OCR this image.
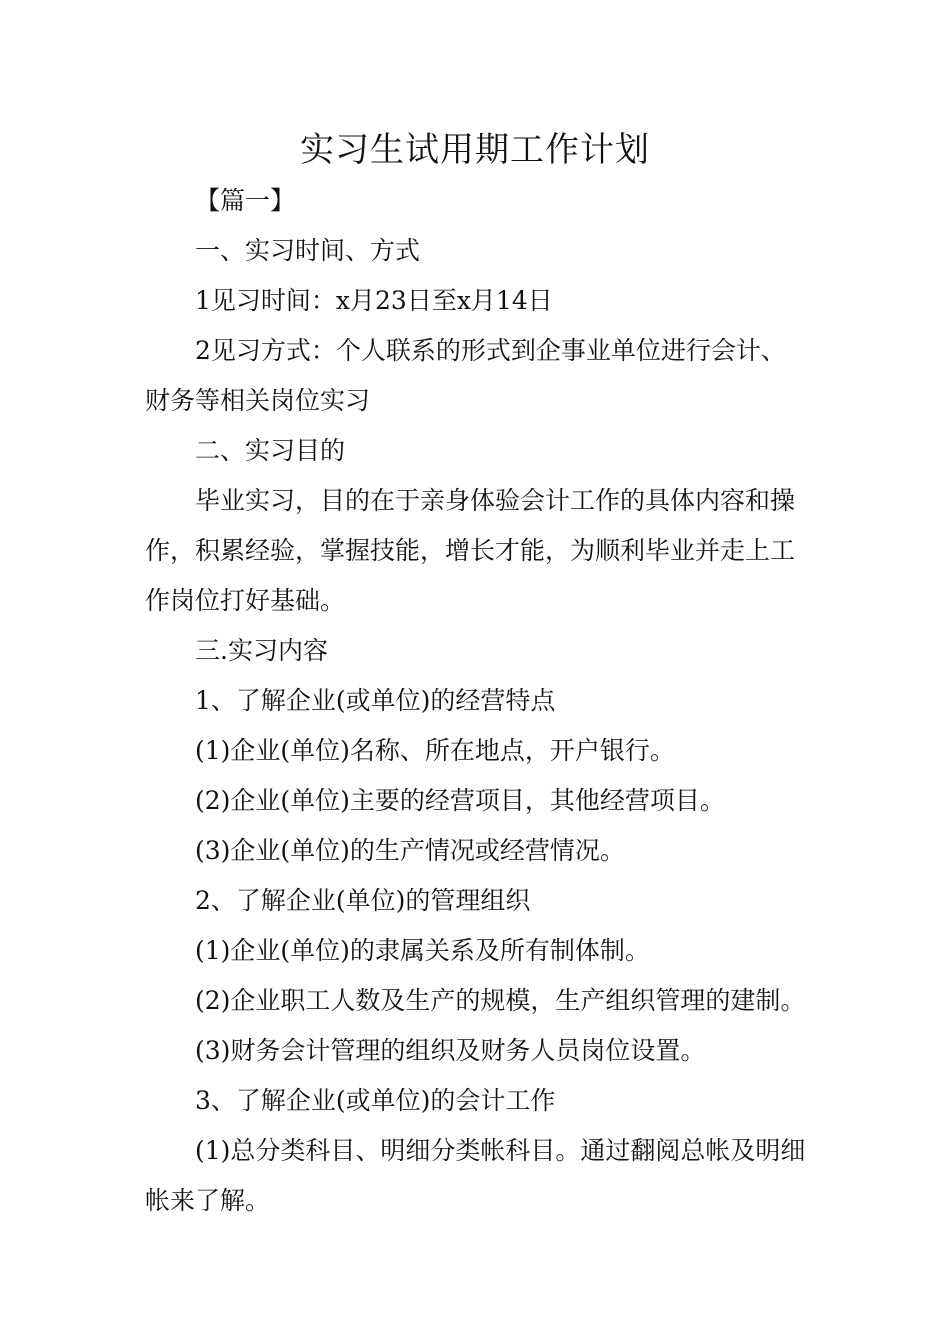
实习生试用期工作计划

【篇一】

一、实习时间、方式

1见习时间：x月23日至x月14日

2见习方式：个人联系的形式到企事业单位进行会计、财务等相关岗位实习

二、实习目的

毕业实习，目的在于亲身体验会计工作的具体内容和操作，积累经验，掌握技能，增长才能，为顺利毕业并走上工作岗位打好基础。

三.实习内容

1、了解企业(或单位)的经营特点

(1)企业(单位)名称、所在地点，开户银行。

(2)企业(单位)主要的经营项目，其他经营项目。

(3)企业(单位)的生产情况或经营情况。

2、了解企业(单位)的管理组织

(1)企业(单位)的隶属关系及所有制体制。

(2)企业职工人数及生产的规模，生产组织管理的建制。

(3)财务会计管理的组织及财务人员岗位设置。

3、了解企业(或单位)的会计工作

(1)总分类科目、明细分类帐科目。通过翻阅总帐及明细帐来了解。
